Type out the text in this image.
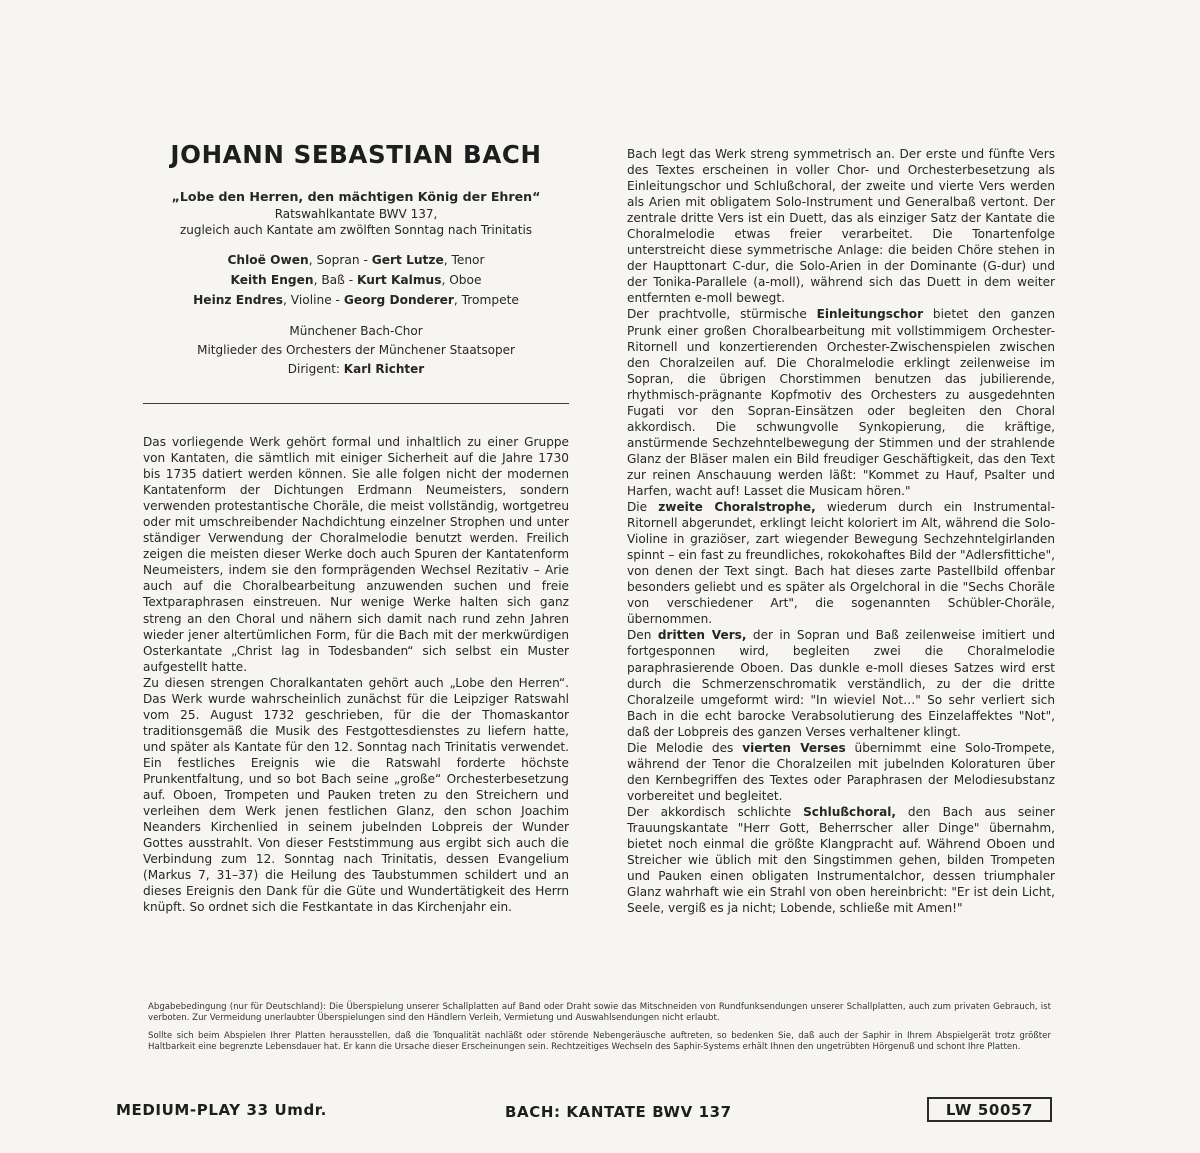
JOHANN SEBASTIAN BACH
„Lobe den Herren, den mächtigen König der Ehren“
Ratswahlkantate BWV 137,
zugleich auch Kantate am zwölften Sonntag nach Trinitatis
Chloë Owen, Sopran - Gert Lutze, Tenor
Keith Engen, Baß - Kurt Kalmus, Oboe
Heinz Endres, Violine - Georg Donderer, Trompete
Münchener Bach-Chor
Mitglieder des Orchesters der Münchener Staatsoper
Dirigent: Karl Richter

Das vorliegende Werk gehört formal und inhaltlich zu einer Gruppe von Kantaten, die sämtlich mit einiger Sicherheit auf die Jahre 1730 bis 1735 datiert werden können. Sie alle folgen nicht der modernen Kantatenform der Dichtungen Erdmann Neumeisters, sondern verwenden protestantische Choräle, die meist vollständig, wortgetreu oder mit umschreibender Nachdichtung einzelner Strophen und unter ständiger Verwendung der Choralmelodie benutzt werden. Freilich zeigen die meisten dieser Werke doch auch Spuren der Kantatenform Neumeisters, indem sie den formprägenden Wechsel Rezitativ – Arie auch auf die Choralbearbeitung anzuwenden suchen und freie Textparaphrasen einstreuen. Nur wenige Werke halten sich ganz streng an den Choral und nähern sich damit nach rund zehn Jahren wieder jener altertümlichen Form, für die Bach mit der merkwürdigen Osterkantate „Christ lag in Todesbanden“ sich selbst ein Muster aufgestellt hatte.

Zu diesen strengen Choralkantaten gehört auch „Lobe den Herren“. Das Werk wurde wahrscheinlich zunächst für die Leipziger Ratswahl vom 25. August 1732 geschrieben, für die der Thomaskantor traditionsgemäß die Musik des Festgottesdienstes zu liefern hatte, und später als Kantate für den 12. Sonntag nach Trinitatis verwendet. Ein festliches Ereignis wie die Ratswahl forderte höchste Prunkentfaltung, und so bot Bach seine „große“ Orchesterbesetzung auf. Oboen, Trompeten und Pauken treten zu den Streichern und verleihen dem Werk jenen festlichen Glanz, den schon Joachim Neanders Kirchenlied in seinem jubelnden Lobpreis der Wunder Gottes ausstrahlt. Von dieser Feststimmung aus ergibt sich auch die Verbindung zum 12. Sonntag nach Trinitatis, dessen Evangelium (Markus 7, 31–37) die Heilung des Taubstummen schildert und an dieses Ereignis den Dank für die Güte und Wundertätigkeit des Herrn knüpft. So ordnet sich die Festkantate in das Kirchenjahr ein.

Bach legt das Werk streng symmetrisch an. Der erste und fünfte Vers des Textes erscheinen in voller Chor- und Orchesterbesetzung als Einleitungschor und Schlußchoral, der zweite und vierte Vers werden als Arien mit obligatem Solo-Instrument und Generalbaß vertont. Der zentrale dritte Vers ist ein Duett, das als einziger Satz der Kantate die Choralmelodie etwas freier verarbeitet. Die Tonartenfolge unterstreicht diese symmetrische Anlage: die beiden Chöre stehen in der Haupttonart C-dur, die Solo-Arien in der Dominante (G-dur) und der Tonika-Parallele (a-moll), während sich das Duett in dem weiter entfernten e-moll bewegt.

Der prachtvolle, stürmische Einleitungschor bietet den ganzen Prunk einer großen Choralbearbeitung mit vollstimmigem Orchester-Ritornell und konzertierenden Orchester-Zwischenspielen zwischen den Choralzeilen auf. Die Choralmelodie erklingt zeilenweise im Sopran, die übrigen Chorstimmen benutzen das jubilierende, rhythmisch-prägnante Kopfmotiv des Orchesters zu ausgedehnten Fugati vor den Sopran-Einsätzen oder begleiten den Choral akkordisch. Die schwungvolle Synkopierung, die kräftige, anstürmende Sechzehntelbewegung der Stimmen und der strahlende Glanz der Bläser malen ein Bild freudiger Geschäftigkeit, das den Text zur reinen Anschauung werden läßt: "Kommet zu Hauf, Psalter und Harfen, wacht auf! Lasset die Musicam hören."

Die zweite Choralstrophe, wiederum durch ein Instrumental-Ritornell abgerundet, erklingt leicht koloriert im Alt, während die Solo-Violine in graziöser, zart wiegender Bewegung Sechzehntelgirlanden spinnt – ein fast zu freundliches, rokokohaftes Bild der "Adlersfittiche", von denen der Text singt. Bach hat dieses zarte Pastellbild offenbar besonders geliebt und es später als Orgelchoral in die "Sechs Choräle von verschiedener Art", die sogenannten Schübler-Choräle, übernommen.

Den dritten Vers, der in Sopran und Baß zeilenweise imitiert und fortgesponnen wird, begleiten zwei die Choralmelodie paraphrasierende Oboen. Das dunkle e-moll dieses Satzes wird erst durch die Schmerzenschromatik verständlich, zu der die dritte Choralzeile umgeformt wird: "In wieviel Not…" So sehr verliert sich Bach in die echt barocke Verabsolutierung des Einzelaffektes "Not", daß der Lobpreis des ganzen Verses verhaltener klingt.

Die Melodie des vierten Verses übernimmt eine Solo-Trompete, während der Tenor die Choralzeilen mit jubelnden Koloraturen über den Kernbegriffen des Textes oder Paraphrasen der Melodiesubstanz vorbereitet und begleitet.

Der akkordisch schlichte Schlußchoral, den Bach aus seiner Trauungskantate "Herr Gott, Beherrscher aller Dinge" übernahm, bietet noch einmal die größte Klangpracht auf. Während Oboen und Streicher wie üblich mit den Singstimmen gehen, bilden Trompeten und Pauken einen obligaten Instrumentalchor, dessen triumphaler Glanz wahrhaft wie ein Strahl von oben hereinbricht: "Er ist dein Licht, Seele, vergiß es ja nicht; Lobende, schließe mit Amen!"

Abgabebedingung (nur für Deutschland): Die Überspielung unserer Schallplatten auf Band oder Draht sowie das Mitschneiden von Rundfunksendungen unserer Schallplatten, auch zum privaten Gebrauch, ist verboten. Zur Vermeidung unerlaubter Überspielungen sind den Händlern Verleih, Vermietung und Auswahlsendungen nicht erlaubt.

Sollte sich beim Abspielen Ihrer Platten herausstellen, daß die Tonqualität nachläßt oder störende Nebengeräusche auftreten, so bedenken Sie, daß auch der Saphir in Ihrem Abspielgerät trotz größter Haltbarkeit eine begrenzte Lebensdauer hat. Er kann die Ursache dieser Erscheinungen sein. Rechtzeitiges Wechseln des Saphir-Systems erhält Ihnen den ungetrübten Hörgenuß und schont Ihre Platten.

MEDIUM-PLAY 33 Umdr.	BACH: KANTATE BWV 137	LW 50057
